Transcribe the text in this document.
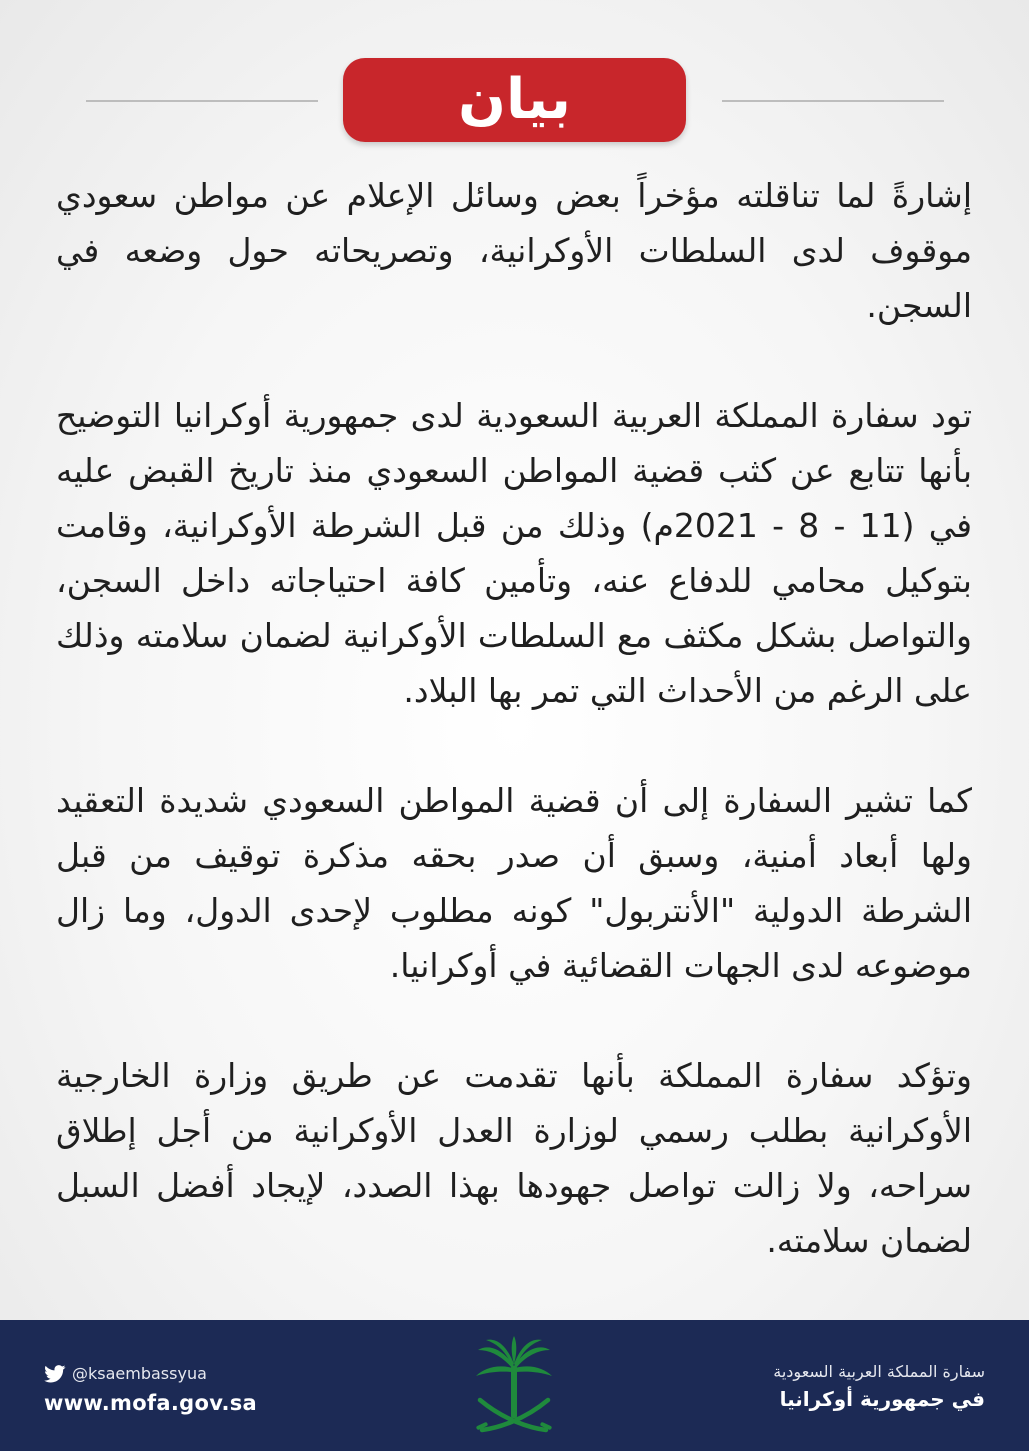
بيان

إشارةً لما تناقلته مؤخراً بعض وسائل الإعلام عن مواطن سعودي موقوف لدى السلطات الأوكرانية، وتصريحاته حول وضعه في السجن.

تود سفارة المملكة العربية السعودية لدى جمهورية أوكرانيا التوضيح بأنها تتابع عن كثب قضية المواطن السعودي منذ تاريخ القبض عليه في (11 - 8 - 2021م) وذلك من قبل الشرطة الأوكرانية، وقامت بتوكيل محامي للدفاع عنه، وتأمين كافة احتياجاته داخل السجن، والتواصل بشكل مكثف مع السلطات الأوكرانية لضمان سلامته وذلك على الرغم من الأحداث التي تمر بها البلاد.

كما تشير السفارة إلى أن قضية المواطن السعودي شديدة التعقيد ولها أبعاد أمنية، وسبق أن صدر بحقه مذكرة توقيف من قبل الشرطة الدولية "الأنتربول" كونه مطلوب لإحدى الدول، وما زال موضوعه لدى الجهات القضائية في أوكرانيا.

وتؤكد سفارة المملكة بأنها تقدمت عن طريق وزارة الخارجية الأوكرانية بطلب رسمي لوزارة العدل الأوكرانية من أجل إطلاق سراحه، ولا زالت تواصل جهودها بهذا الصدد، لإيجاد أفضل السبل لضمان سلامته.

@ksaembassyua
www.mofa.gov.sa
سفارة المملكة العربية السعودية
في جمهورية أوكرانيا
